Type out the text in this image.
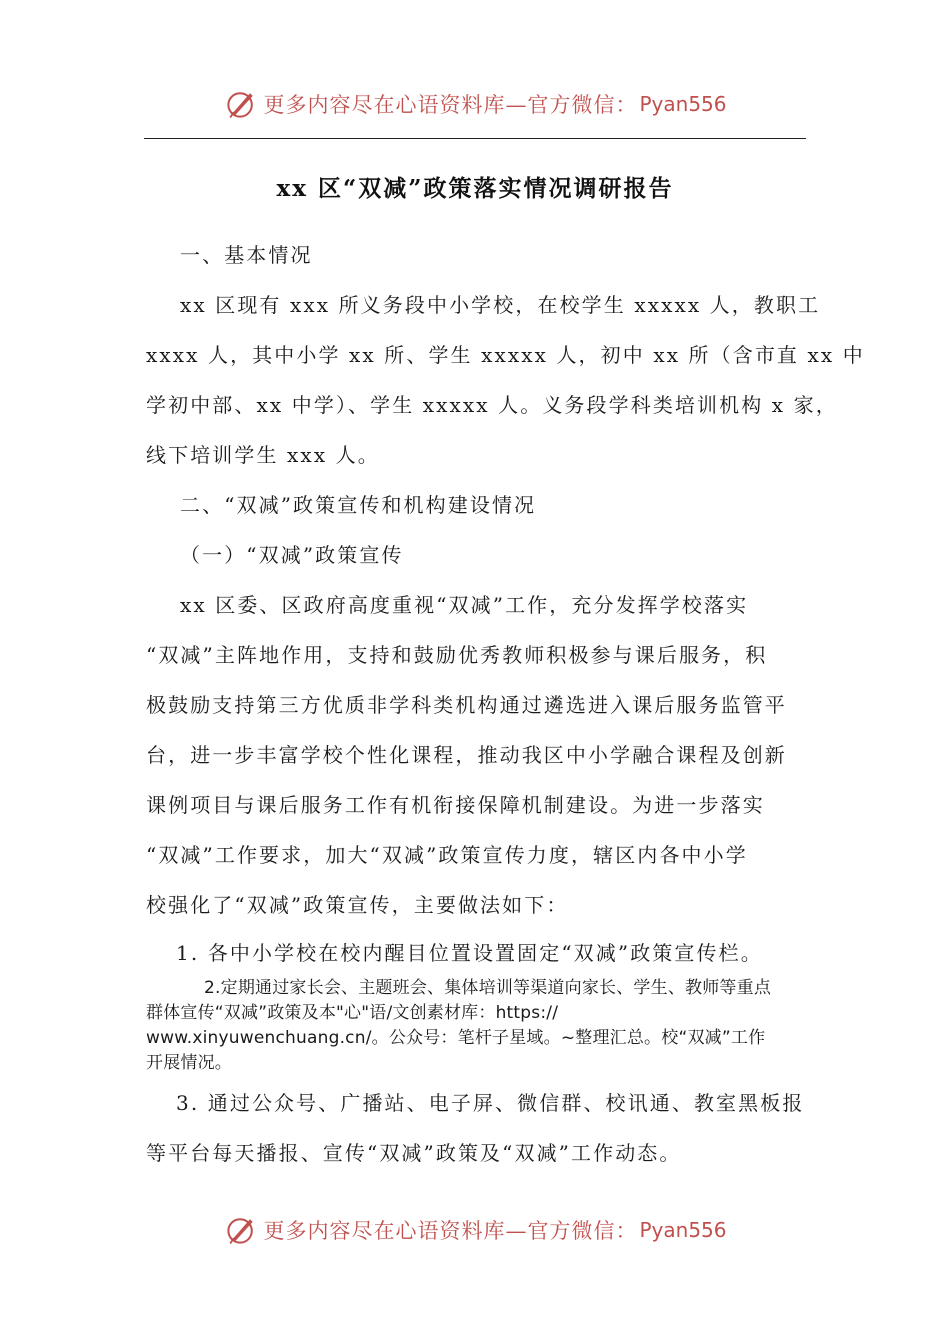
更多内容尽在心语资料库—官方微信： Pyan556
xx 区“双减”政策落实情况调研报告

一、基本情况

xx 区现有 xxx 所义务段中小学校，在校学生 xxxxx 人，教职工

xxxx 人，其中小学 xx 所、学生 xxxxx 人，初中 xx 所（含市直 xx 中

学初中部、xx 中学）、学生 xxxxx 人。义务段学科类培训机构 x 家，

线下培训学生 xxx 人。

二、“双减”政策宣传和机构建设情况

（一）“双减”政策宣传

xx 区委、区政府高度重视“双减”工作，充分发挥学校落实

“双减”主阵地作用，支持和鼓励优秀教师积极参与课后服务，积

极鼓励支持第三方优质非学科类机构通过遴选进入课后服务监管平

台，进一步丰富学校个性化课程，推动我区中小学融合课程及创新

课例项目与课后服务工作有机衔接保障机制建设。为进一步落实

“双减”工作要求，加大“双减”政策宣传力度，辖区内各中小学

校强化了“双减”政策宣传，主要做法如下：

1. 各中小学校在校内醒目位置设置固定“双减”政策宣传栏。

2.定期通过家长会、主题班会、集体培训等渠道向家长、学生、教师等重点

群体宣传“双减”政策及本"心"语/文创素材库：https://

www.xinyuwenchuang.cn/。公众号：笔杆子星域。~整理汇总。校“双减”工作

开展情况。

3. 通过公众号、广播站、电子屏、微信群、校讯通、教室黑板报

等平台每天播报、宣传“双减”政策及“双减”工作动态。

更多内容尽在心语资料库—官方微信： Pyan556
